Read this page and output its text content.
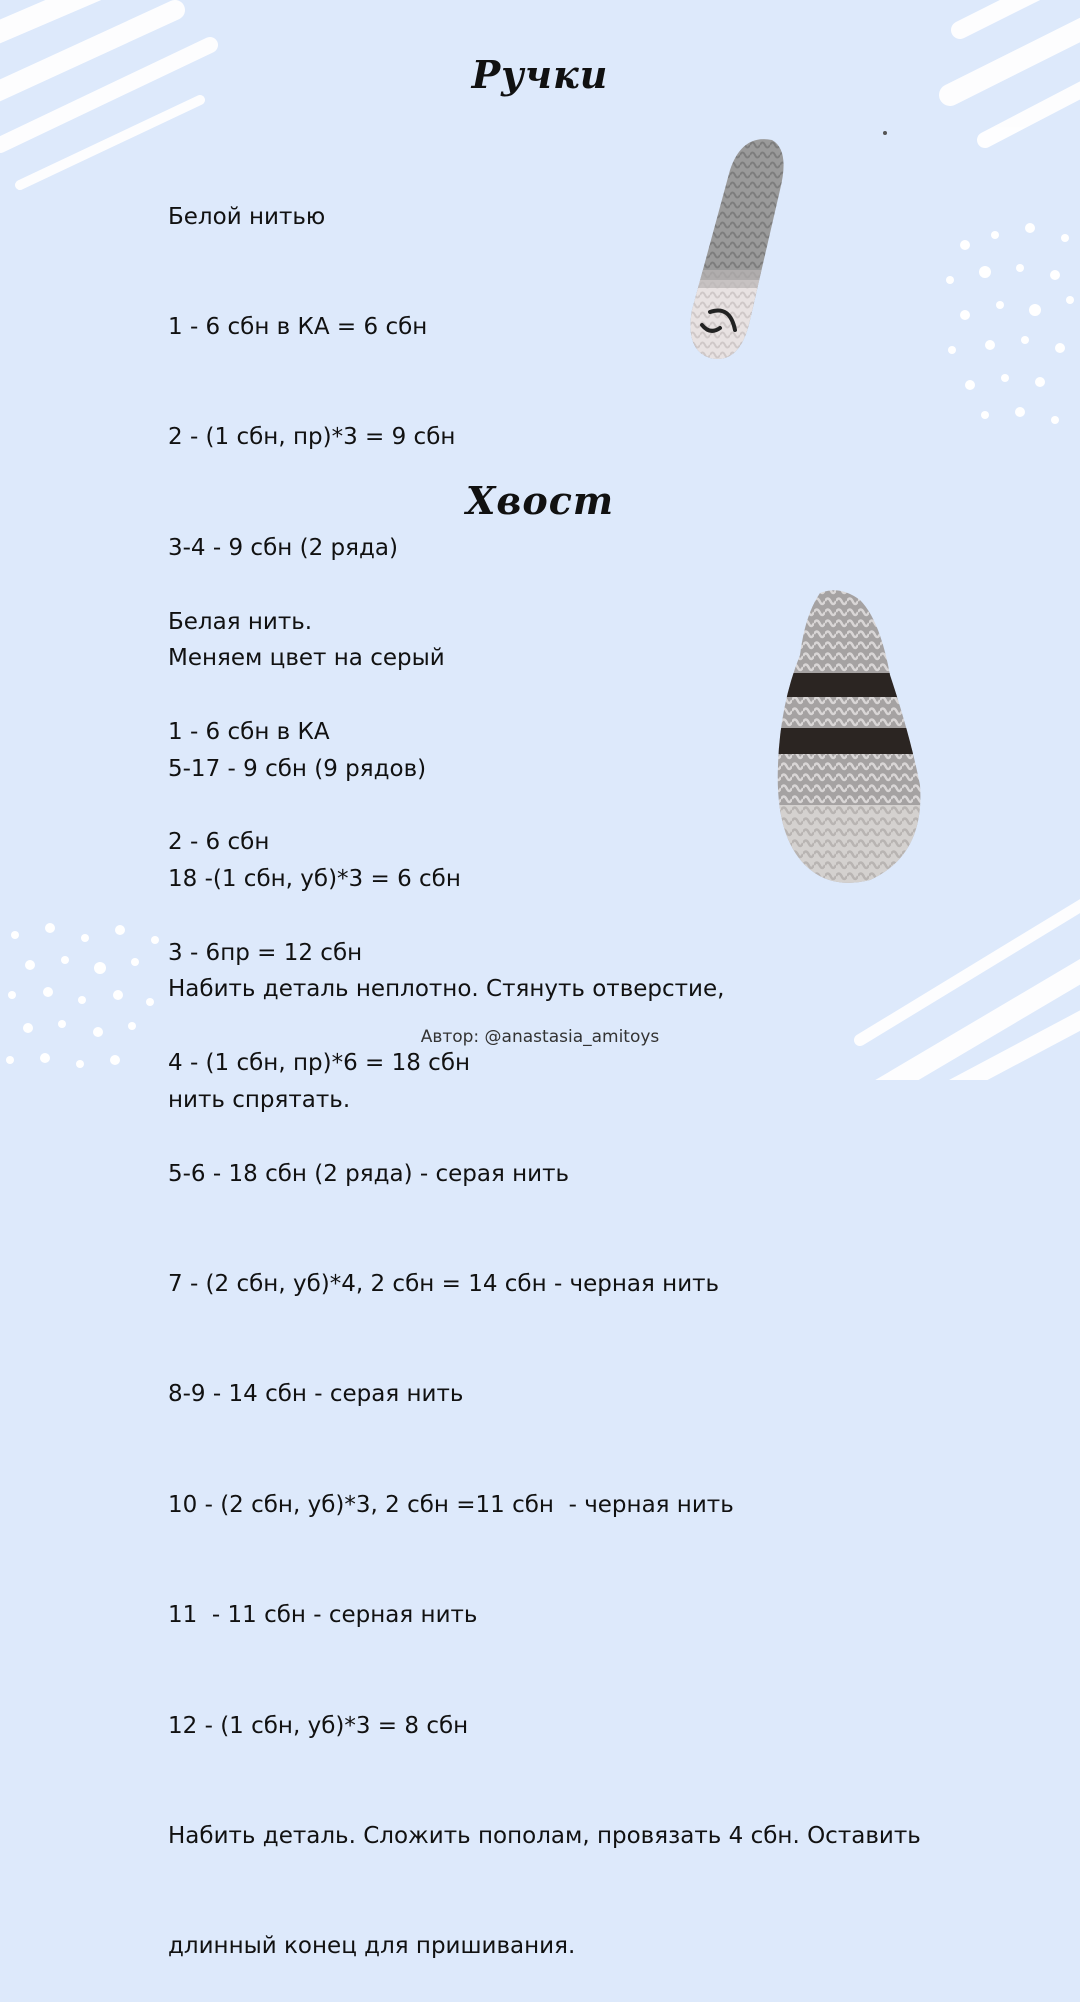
Ручки

Белой нитью

1 - 6 сбн в КА = 6 сбн

2 - (1 сбн, пр)*3 = 9 сбн

3-4 - 9 сбн (2 ряда)

Меняем цвет на серый

5-17 - 9 сбн (9 рядов)

18 -(1 сбн, уб)*3 = 6 сбн

Набить деталь неплотно. Стянуть отверстие,

нить спрятать.

Хвост

Белая нить.

1 - 6 сбн в КА

2 - 6 сбн

3 - 6пр = 12 сбн

4 - (1 сбн, пр)*6 = 18 сбн

5-6 - 18 сбн (2 ряда) - серая нить

7 - (2 сбн, уб)*4, 2 сбн = 14 сбн - черная нить

8-9 - 14 сбн - серая нить

10 - (2 сбн, уб)*3, 2 сбн =11 сбн  - черная нить

11  - 11 сбн - серная нить

12 - (1 сбн, уб)*3 = 8 сбн

Набить деталь. Сложить пополам, провязать 4 сбн. Оставить

длинный конец для пришивания.

Автор: @anastasia_amitoys
